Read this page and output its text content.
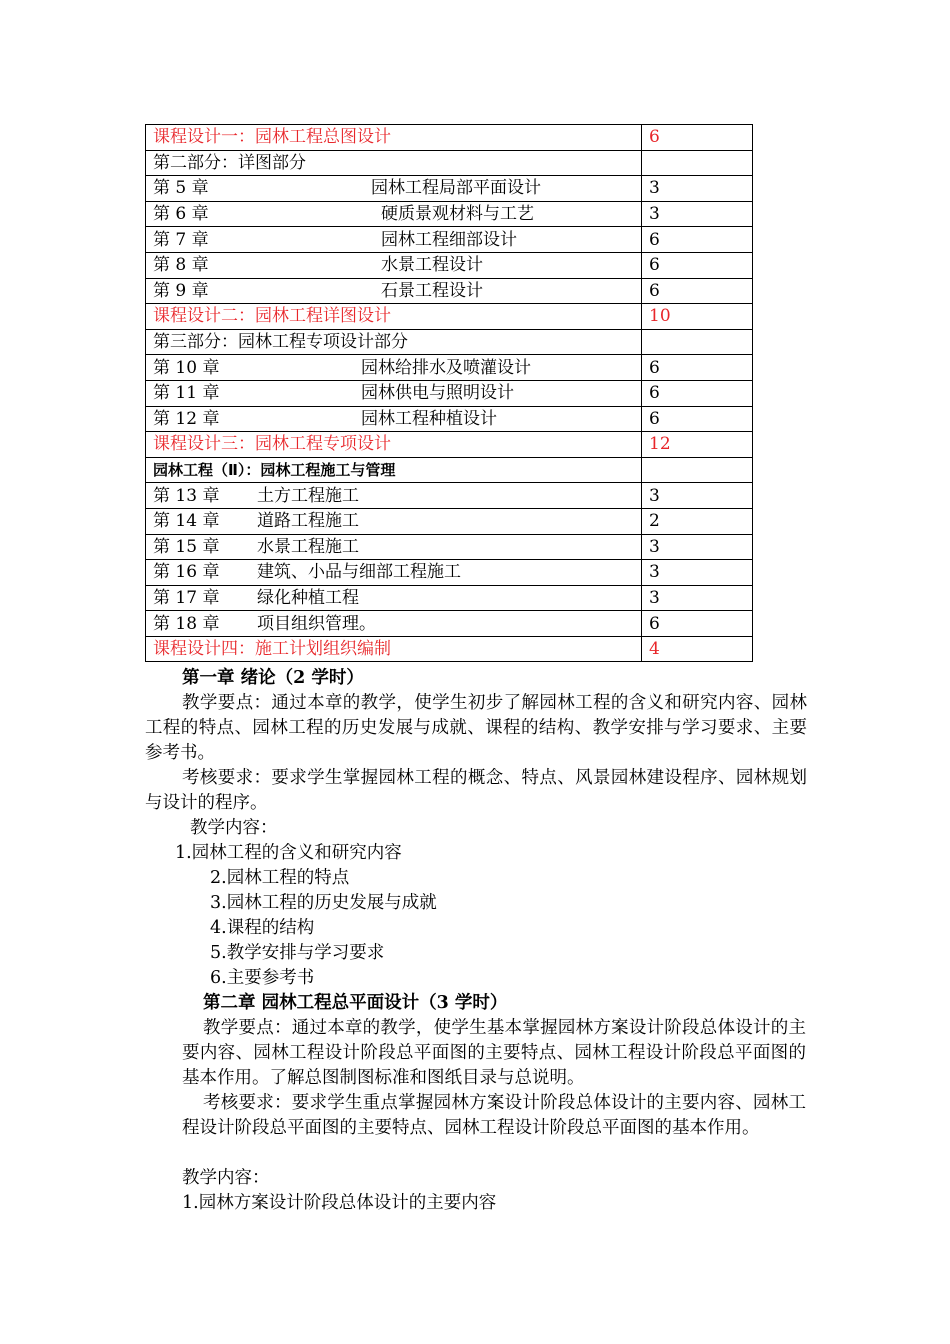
课程设计一：园林工程总图设计	6
第二部分：详图部分	
第 5 章 园林工程局部平面设计	3
第 6 章 硬质景观材料与工艺	3
第 7 章 园林工程细部设计	6
第 8 章 水景工程设计	6
第 9 章 石景工程设计	6
课程设计二：园林工程详图设计	10
第三部分：园林工程专项设计部分	
第 10 章 园林给排水及喷灌设计	6
第 11 章 园林供电与照明设计	6
第 12 章 园林工程种植设计	6
课程设计三：园林工程专项设计	12
园林工程（Ⅱ）：园林工程施工与管理	
第 13 章 土方工程施工	3
第 14 章 道路工程施工	2
第 15 章 水景工程施工	3
第 16 章 建筑、小品与细部工程施工	3
第 17 章 绿化种植工程	3
第 18 章 项目组织管理。	6
课程设计四：施工计划组织编制	4
第一章 绪论（2 学时）
教学要点：通过本章的教学，使学生初步了解园林工程的含义和研究内容、园林工程的特点、园林工程的历史发展与成就、课程的结构、教学安排与学习要求、主要参考书。
考核要求：要求学生掌握园林工程的概念、特点、风景园林建设程序、园林规划与设计的程序。
教学内容：
1.园林工程的含义和研究内容
2.园林工程的特点
3.园林工程的历史发展与成就
4.课程的结构
5.教学安排与学习要求
6.主要参考书
第二章 园林工程总平面设计（3 学时）
教学要点：通过本章的教学，使学生基本掌握园林方案设计阶段总体设计的主要内容、园林工程设计阶段总平面图的主要特点、园林工程设计阶段总平面图的基本作用。了解总图制图标准和图纸目录与总说明。
考核要求：要求学生重点掌握园林方案设计阶段总体设计的主要内容、园林工程设计阶段总平面图的主要特点、园林工程设计阶段总平面图的基本作用。
教学内容：
1.园林方案设计阶段总体设计的主要内容
